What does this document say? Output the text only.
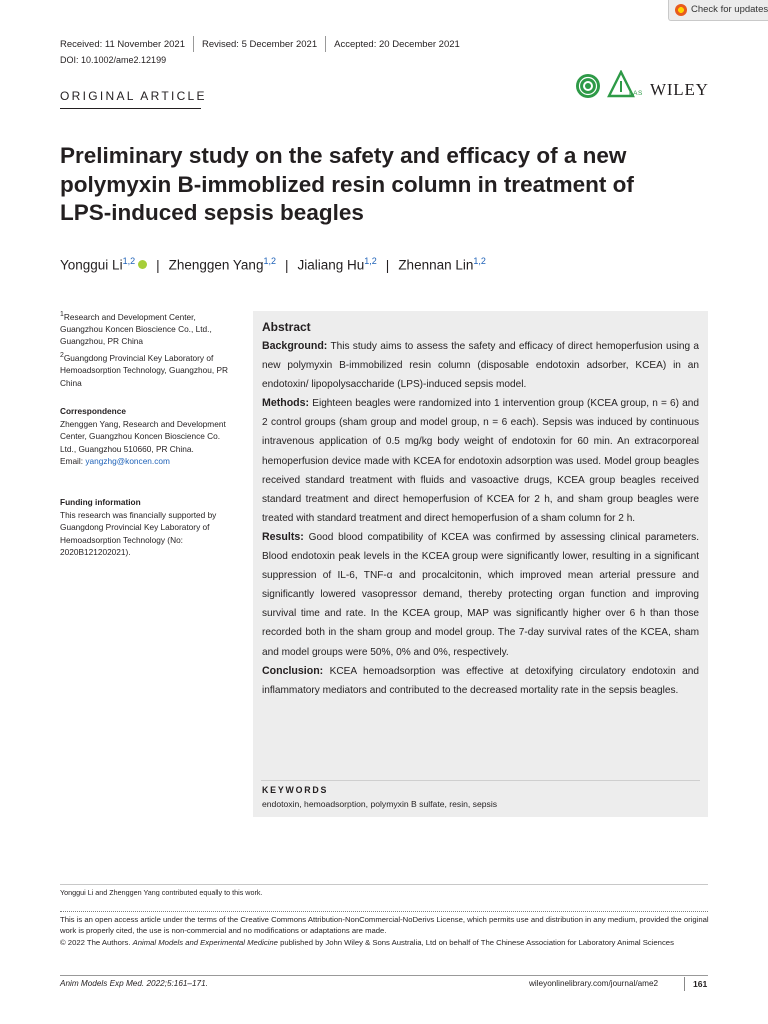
Check for updates
Received: 11 November 2021 Revised: 5 December 2021 Accepted: 20 December 2021
DOI: 10.1002/ame2.12199
ORIGINAL ARTICLE	LAS WILEY
Preliminary study on the safety and efficacy of a new polymyxin B-immoblized resin column in treatment of LPS-induced sepsis beagles
Yonggui Li$^{1,2}$ | Zhenggen Yang$^{1,2}$ | Jialiang Hu$^{1,2}$ | Zhennan Lin$^{1,2}$
$^1$Research and Development Center, Guangzhou Koncen Bioscience Co., Ltd., Guangzhou, PR China
$^2$Guangdong Provincial Key Laboratory of Hemoadsorption Technology, Guangzhou, PR China
Correspondence
Zhenggen Yang, Research and Development Center, Guangzhou Koncen Bioscience Co. Ltd., Guangzhou 510660, PR China.
Email: yangzhg@koncen.com
Funding information
This research was financially supported by Guangdong Provincial Key Laboratory of Hemoadsorption Technology (No: 2020B121202021).
Abstract

Background: This study aims to assess the safety and efficacy of direct hemoperfusion using a new polymyxin B-immobilized resin column (disposable endotoxin adsorber, KCEA) in an endotoxin/ lipopolysaccharide (LPS)-induced sepsis model.

Methods: Eighteen beagles were randomized into 1 intervention group (KCEA group, n = 6) and 2 control groups (sham group and model group, n = 6 each). Sepsis was induced by continuous intravenous application of 0.5 mg/kg body weight of endotoxin for 60 min. An extracorporeal hemoperfusion device made with KCEA for endotoxin adsorption was used. Model group beagles received standard treatment with fluids and vasoactive drugs, KCEA group beagles received standard treatment and direct hemoperfusion of KCEA for 2 h, and sham group beagles were treated with standard treatment and direct hemoperfusion of a sham column for 2 h.

Results: Good blood compatibility of KCEA was confirmed by assessing clinical parameters. Blood endotoxin peak levels in the KCEA group were significantly lower, resulting in a significant suppression of IL-6, TNF-α and procalcitonin, which improved mean arterial pressure and significantly lowered vasopressor demand, thereby protecting organ function and improving survival time and rate. In the KCEA group, MAP was significantly higher over 6 h than those recorded both in the sham group and model group. The 7-day survival rates of the KCEA, sham and model groups were 50%, 0% and 0%, respectively.

Conclusion: KCEA hemoadsorption was effective at detoxifying circulatory endotoxin and inflammatory mediators and contributed to the decreased mortality rate in the sepsis beagles.

KEYWORDS
endotoxin, hemoadsorption, polymyxin B sulfate, resin, sepsis
Yonggui Li and Zhenggen Yang contributed equally to this work.
This is an open access article under the terms of the Creative Commons Attribution-NonCommercial-NoDerivs License, which permits use and distribution in any medium, provided the original work is properly cited, the use is non-commercial and no modifications or adaptations are made.
© 2022 The Authors. Animal Models and Experimental Medicine published by John Wiley & Sons Australia, Ltd on behalf of The Chinese Association for Laboratory Animal Sciences
Anim Models Exp Med. 2022;5:161–171.	wileyonlinelibrary.com/journal/ame2	161
